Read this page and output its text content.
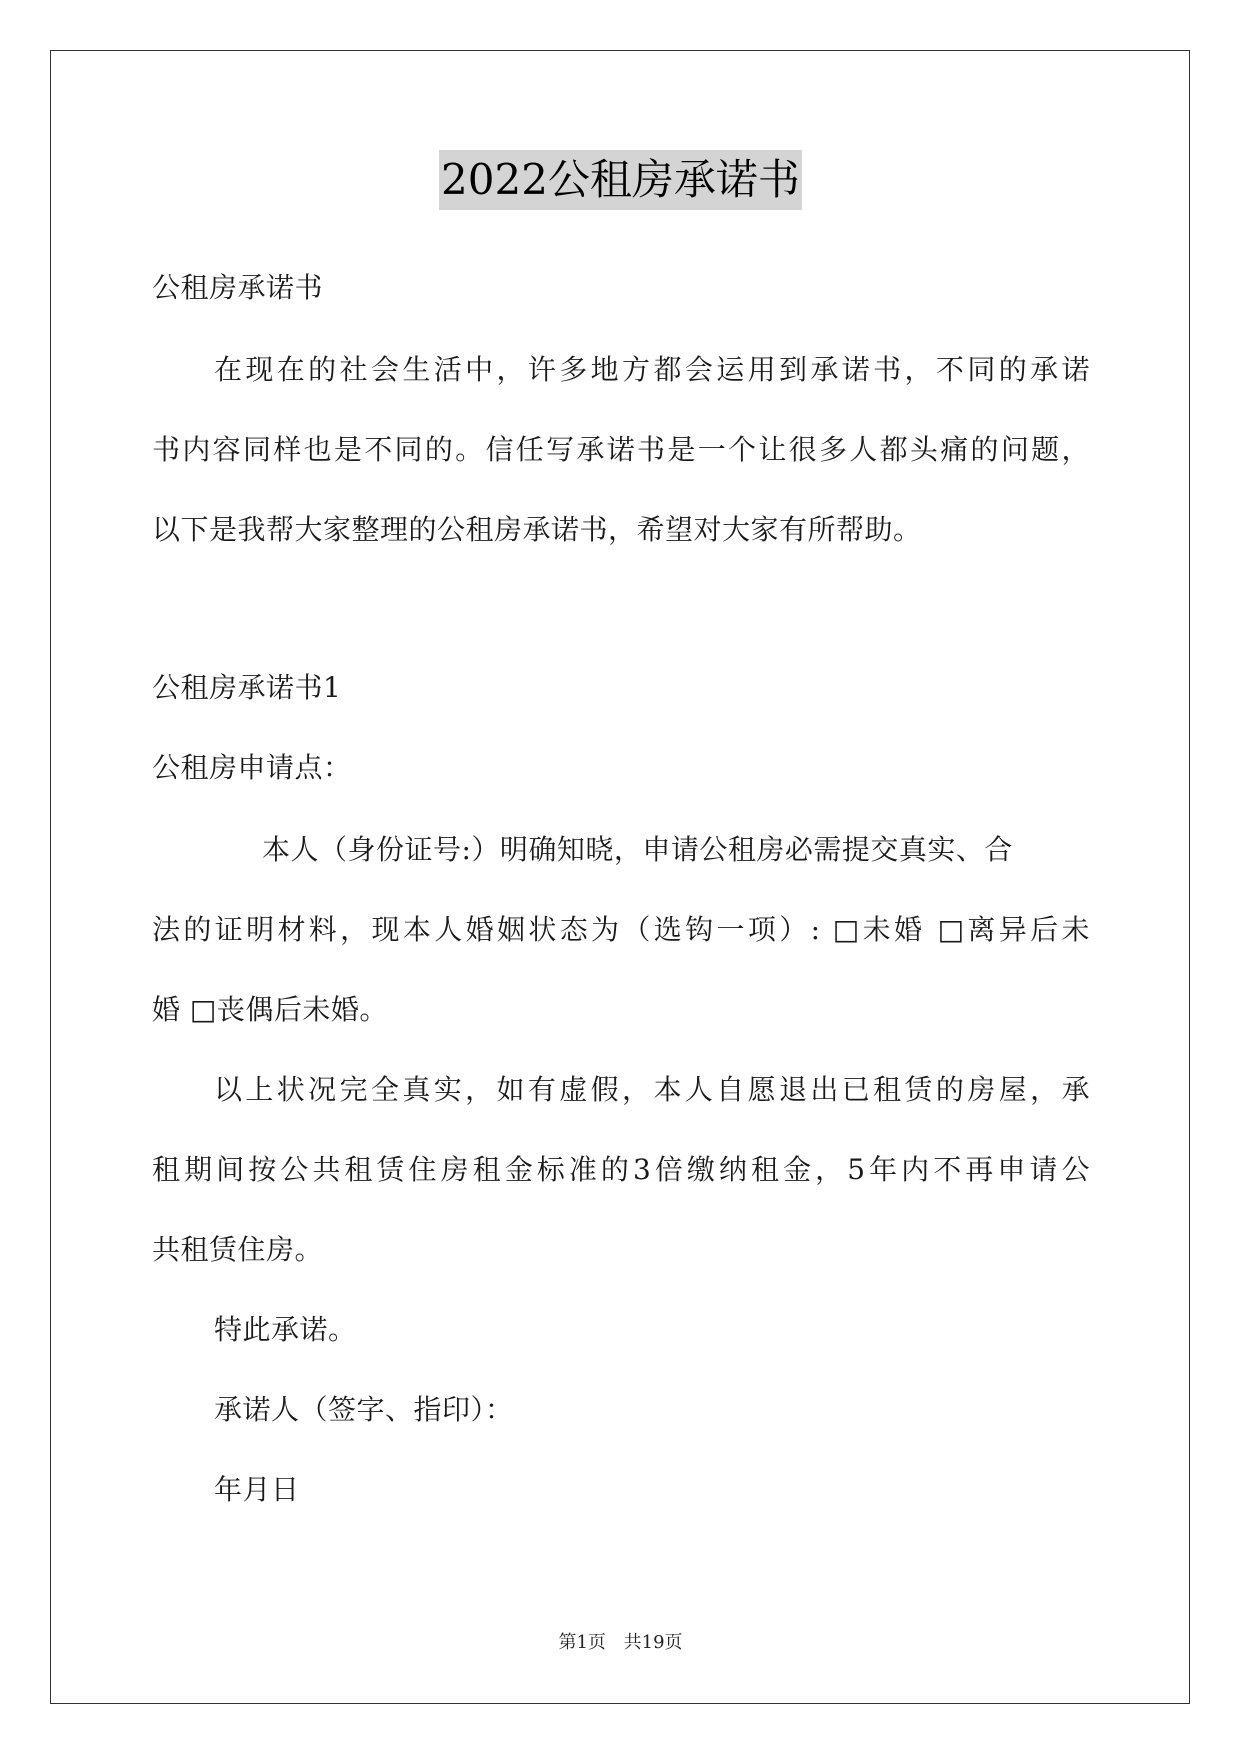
2022公租房承诺书
公租房承诺书
在现在的社会生活中，许多地方都会运用到承诺书，不同的承诺
书内容同样也是不同的。信任写承诺书是一个让很多人都头痛的问题，
以下是我帮大家整理的公租房承诺书，希望对大家有所帮助。
公租房承诺书1
公租房申请点：
本人（身份证号:）明确知晓，申请公租房必需提交真实、合
法的证明材料，现本人婚姻状态为（选钩一项）: □未婚 □离异后未
婚 □丧偶后未婚。
以上状况完全真实，如有虚假，本人自愿退出已租赁的房屋，承
租期间按公共租赁住房租金标准的3倍缴纳租金，5年内不再申请公
共租赁住房。
特此承诺。
承诺人（签字、指印）：
年月日
第1页 共19页
